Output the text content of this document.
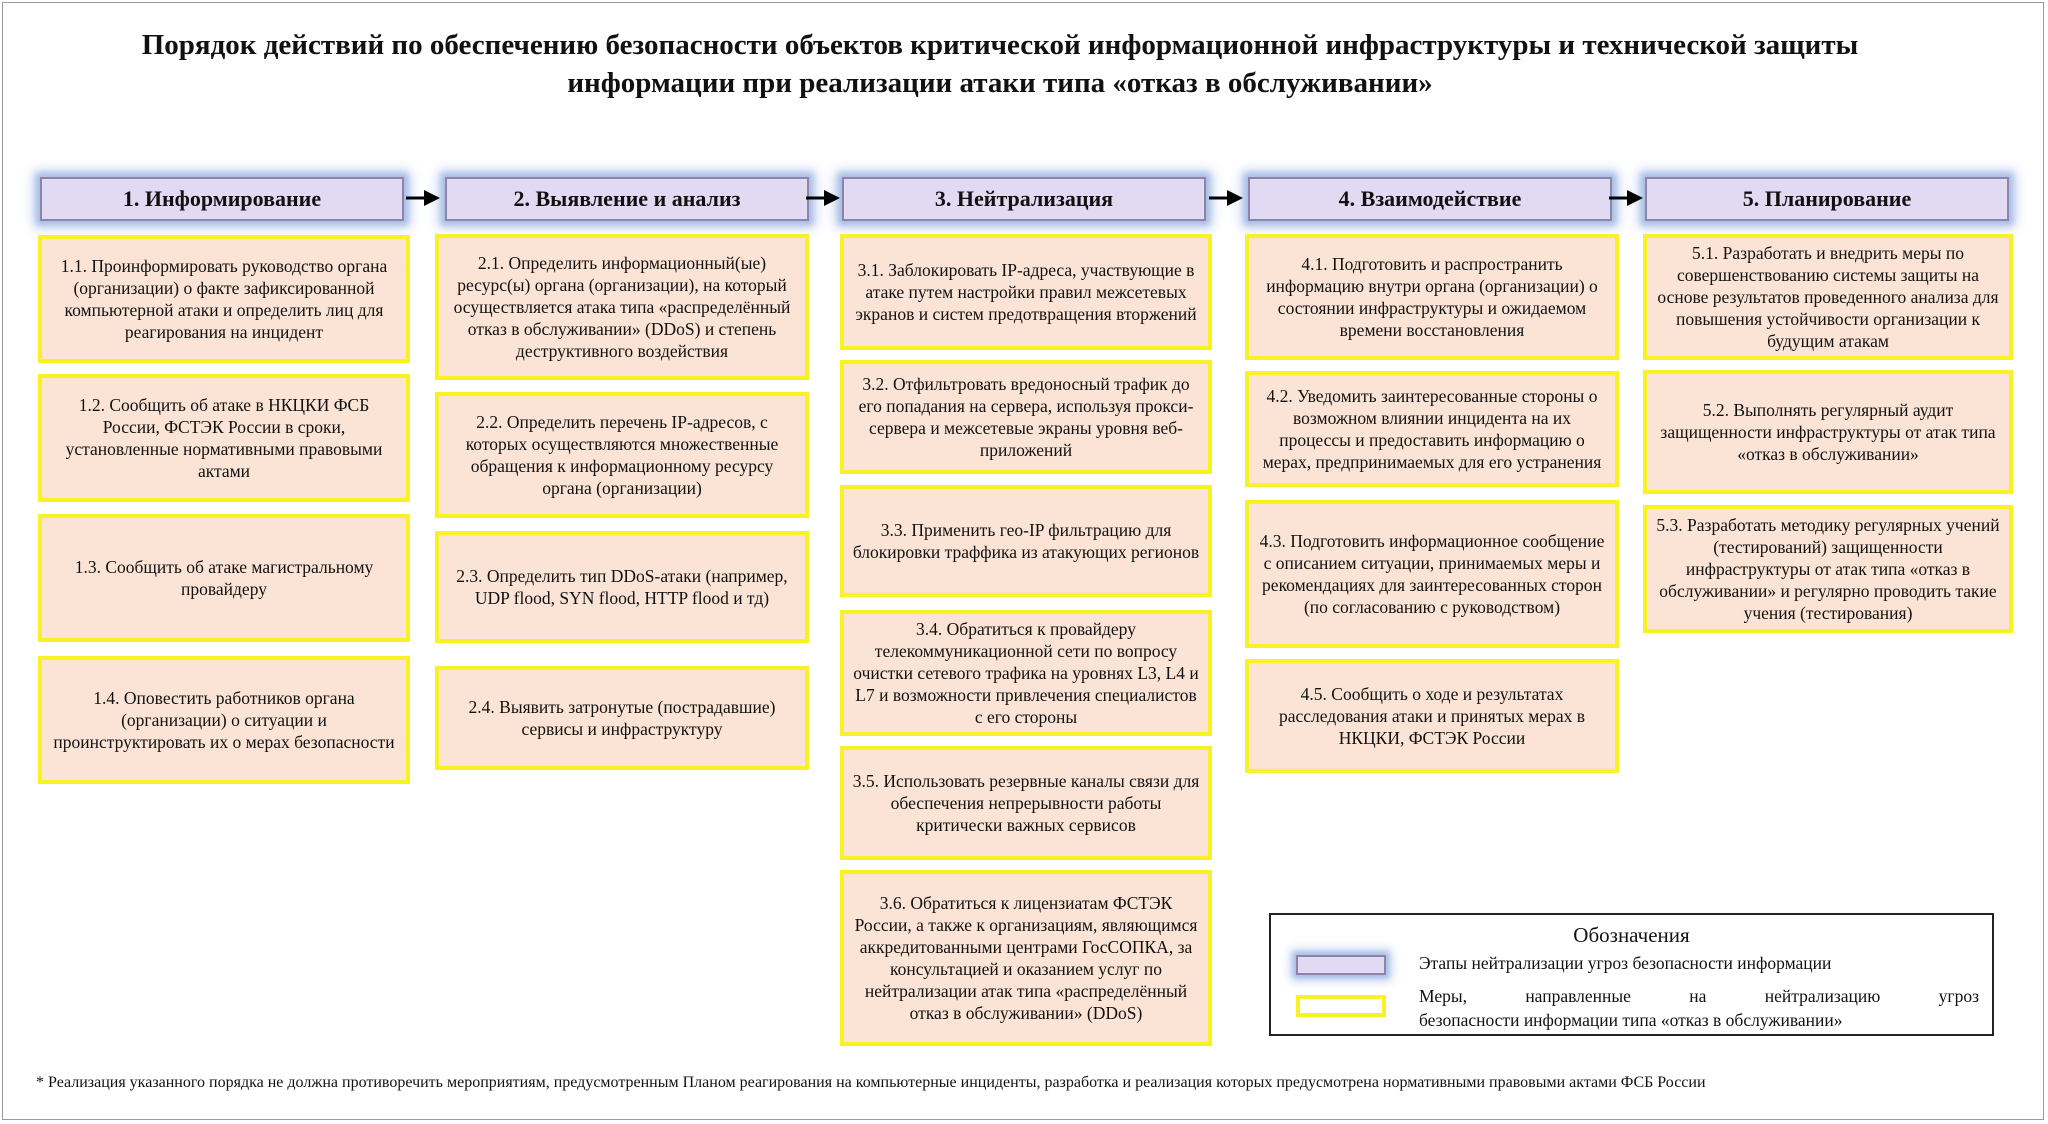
Порядок действий по обеспечению безопасности объектов критической информационной инфраструктуры и технической защиты информации при реализации атаки типа «отказ в обслуживании»
1. Информирование	2. Выявление и анализ	3. Нейтрализация	4. Взаимодействие	5. Планирование
1.1. Проинформировать руководство органа (организации) о факте зафиксированной компьютерной атаки и определить лиц для реагирования на инцидент
1.2. Сообщить об атаке в НКЦКИ ФСБ России, ФСТЭК России в сроки, установленные нормативными правовыми актами
1.3. Сообщить об атаке магистральному провайдеру
1.4. Оповестить работников органа (организации) о ситуации и проинструктировать их о мерах безопасности
2.1. Определить информационный(ые) ресурс(ы) органа (организации), на который осуществляется атака типа «распределённый отказ в обслуживании» (DDoS) и степень деструктивного воздействия
2.2. Определить перечень IP-адресов, с которых осуществляются множественные обращения к информационному ресурсу органа (организации)
2.3. Определить тип DDoS-атаки (например, UDP flood, SYN flood, HTTP flood и тд)
2.4. Выявить затронутые (пострадавшие) сервисы и инфраструктуру
3.1. Заблокировать IP-адреса, участвующие в атаке путем настройки правил межсетевых экранов и систем предотвращения вторжений
3.2. Отфильтровать вредоносный трафик до его попадания на сервера, используя прокси-сервера и межсетевые экраны уровня веб-приложений
3.3. Применить гео-IP фильтрацию для блокировки траффика из атакующих регионов
3.4. Обратиться к провайдеру телекоммуникационной сети по вопросу очистки сетевого трафика на уровнях L3, L4 и L7 и возможности привлечения специалистов с его стороны
3.5. Использовать резервные каналы связи для обеспечения непрерывности работы критически важных сервисов
3.6. Обратиться к лицензиатам ФСТЭК России, а также к организациям, являющимся аккредитованными центрами ГосСОПКА, за консультацией и оказанием услуг по нейтрализации атак типа «распределённый отказ в обслуживании» (DDoS)
4.1. Подготовить и распространить информацию внутри органа (организации) о состоянии инфраструктуры и ожидаемом времени восстановления
4.2. Уведомить заинтересованные стороны о возможном влиянии инцидента на их процессы и предоставить информацию о мерах, предпринимаемых для его устранения
4.3. Подготовить информационное сообщение с описанием ситуации, принимаемых меры и рекомендациях для заинтересованных сторон (по согласованию с руководством)
4.5. Сообщить о ходе и результатах расследования атаки и принятых мерах в НКЦКИ, ФСТЭК России
5.1. Разработать и внедрить меры по совершенствованию системы защиты на основе результатов проведенного анализа для повышения устойчивости организации к будущим атакам
5.2. Выполнять регулярный аудит защищенности инфраструктуры от атак типа «отказ в обслуживании»
5.3. Разработать методику регулярных учений (тестирований) защищенности инфраструктуры от атак типа «отказ в обслуживании» и регулярно проводить такие учения (тестирования)
Обозначения
Этапы нейтрализации угроз безопасности информации
Меры, направленные на нейтрализацию угроз
безопасности информации типа «отказ в обслуживании»
* Реализация указанного порядка не должна противоречить мероприятиям, предусмотренным Планом реагирования на компьютерные инциденты, разработка и реализация которых предусмотрена нормативными правовыми актами ФСБ России
